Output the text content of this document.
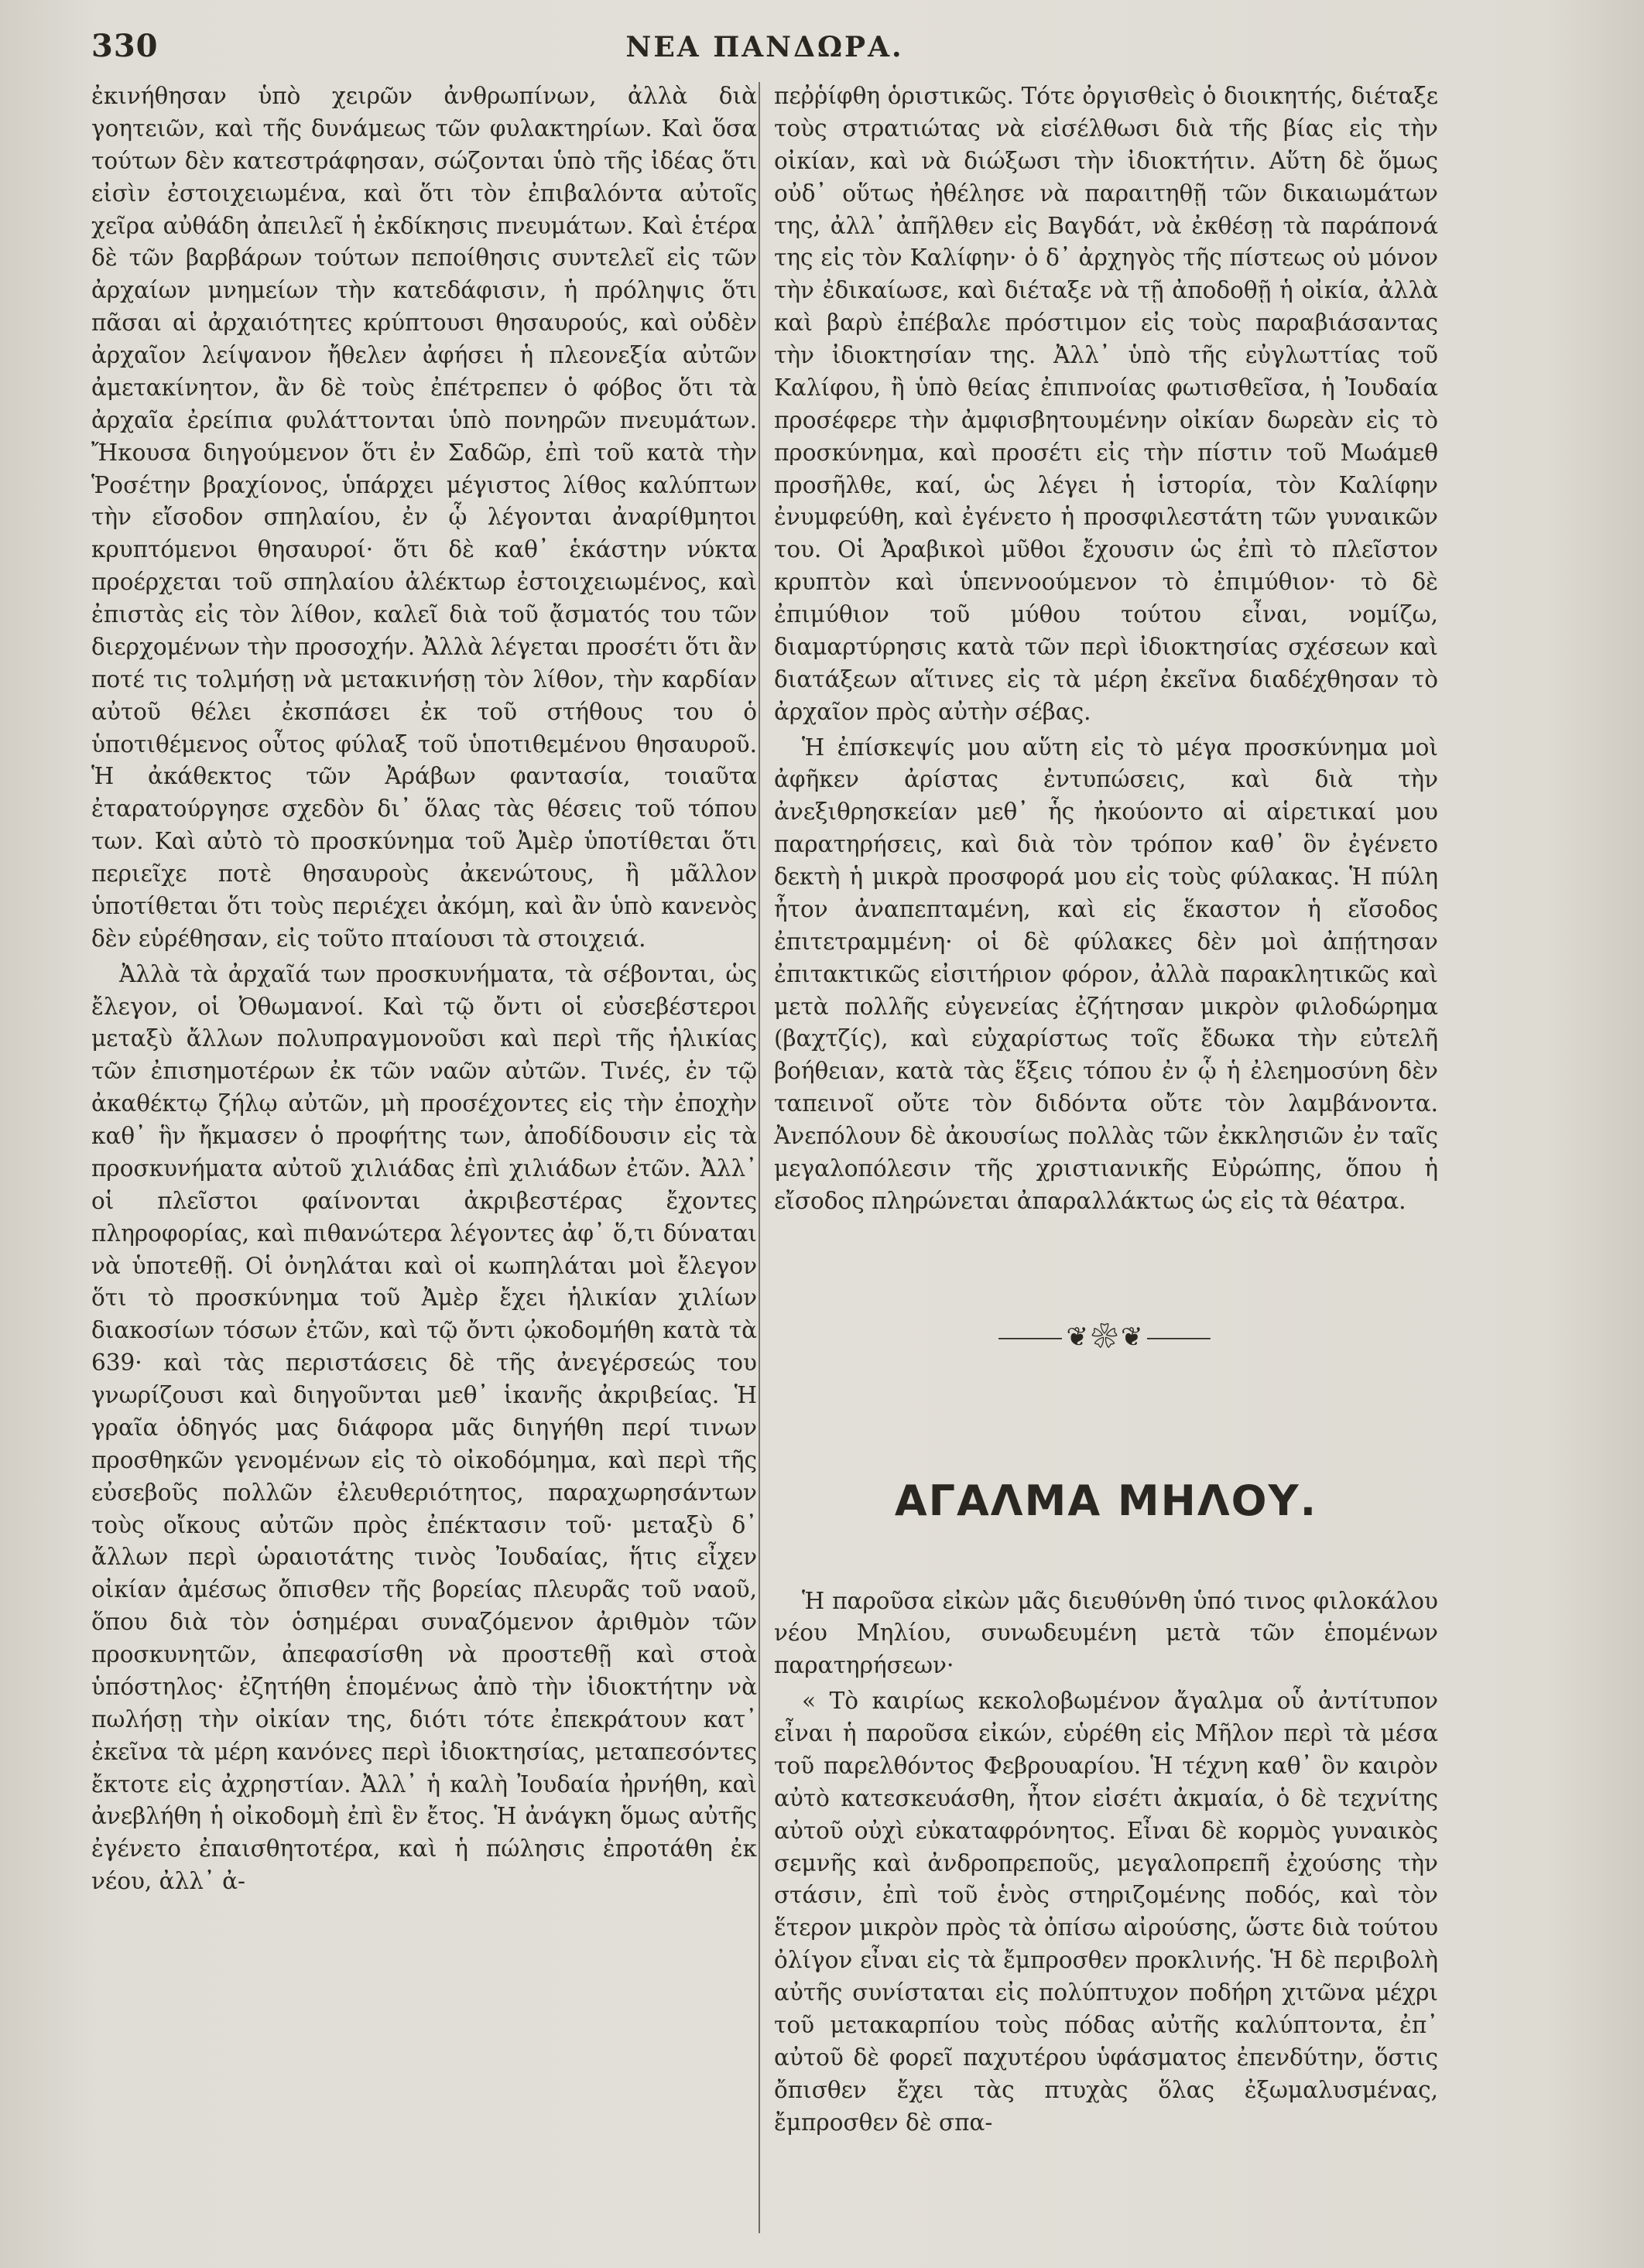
330	ΝΕΑ ΠΑΝΔΩΡΑ.

ἐκινήθησαν ὑπὸ χειρῶν ἀνθρωπίνων, ἀλλὰ διὰ γοητειῶν, καὶ τῆς δυνάμεως τῶν φυλακτηρίων. Καὶ ὅσα τούτων δὲν κατεστράφησαν, σώζονται ὑπὸ τῆς ἰδέας ὅτι εἰσὶν ἐστοιχειωμένα, καὶ ὅτι τὸν ἐπιβαλόντα αὐτοῖς χεῖρα αὐθάδη ἀπειλεῖ ἡ ἐκδίκησις πνευμάτων. Καὶ ἑτέρα δὲ τῶν βαρβάρων τούτων πεποίθησις συντελεῖ εἰς τῶν ἀρχαίων μνημείων τὴν κατεδάφισιν, ἡ πρόληψις ὅτι πᾶσαι αἱ ἀρχαιότητες κρύπτουσι θησαυρούς, καὶ οὐδὲν ἀρχαῖον λείψανον ἤθελεν ἀφήσει ἡ πλεονεξία αὐτῶν ἀμετακίνητον, ἂν δὲ τοὺς ἐπέτρεπεν ὁ φόβος ὅτι τὰ ἀρχαῖα ἐρείπια φυλάττονται ὑπὸ πονηρῶν πνευμάτων. Ἤκουσα διηγούμενον ὅτι ἐν Σαδῶρ, ἐπὶ τοῦ κατὰ τὴν Ῥοσέτην βραχίονος, ὑπάρχει μέγιστος λίθος καλύπτων τὴν εἴσοδον σπηλαίου, ἐν ᾧ λέγονται ἀναρίθμητοι κρυπτόμενοι θησαυροί· ὅτι δὲ καθ᾽ ἑκάστην νύκτα προέρχεται τοῦ σπηλαίου ἀλέκτωρ ἐστοιχειωμένος, καὶ ἐπιστὰς εἰς τὸν λίθον, καλεῖ διὰ τοῦ ᾄσματός του τῶν διερχομένων τὴν προσοχήν. Ἀλλὰ λέγεται προσέτι ὅτι ἂν ποτέ τις τολμήσῃ νὰ μετακινήσῃ τὸν λίθον, τὴν καρδίαν αὐτοῦ θέλει ἐκσπάσει ἐκ τοῦ στήθους του ὁ ὑποτιθέμενος οὗτος φύλαξ τοῦ ὑποτιθεμένου θησαυροῦ. Ἡ ἀκάθεκτος τῶν Ἀράβων φαντασία, τοιαῦτα ἐταρατούργησε σχεδὸν δι᾽ ὅλας τὰς θέσεις τοῦ τόπου των. Καὶ αὐτὸ τὸ προσκύνημα τοῦ Ἀμὲρ ὑποτίθεται ὅτι περιεῖχε ποτὲ θησαυροὺς ἀκενώτους, ἢ μᾶλλον ὑποτίθεται ὅτι τοὺς περιέχει ἀκόμη, καὶ ἂν ὑπὸ κανενὸς δὲν εὑρέθησαν, εἰς τοῦτο πταίουσι τὰ στοιχειά.

Ἀλλὰ τὰ ἀρχαῖά των προσκυνήματα, τὰ σέβονται, ὡς ἔλεγον, οἱ Ὀθωμανοί. Καὶ τῷ ὄντι οἱ εὐσεβέστεροι μεταξὺ ἄλλων πολυπραγμονοῦσι καὶ περὶ τῆς ἡλικίας τῶν ἐπισημοτέρων ἐκ τῶν ναῶν αὐτῶν. Τινές, ἐν τῷ ἀκαθέκτῳ ζήλῳ αὐτῶν, μὴ προσέχοντες εἰς τὴν ἐποχὴν καθ᾽ ἣν ἤκμασεν ὁ προφήτης των, ἀποδίδουσιν εἰς τὰ προσκυνήματα αὐτοῦ χιλιάδας ἐπὶ χιλιάδων ἐτῶν. Ἀλλ᾽ οἱ πλεῖστοι φαίνονται ἀκριβεστέρας ἔχοντες πληροφορίας, καὶ πιθανώτερα λέγοντες ἀφ᾽ ὅ,τι δύναται νὰ ὑποτεθῇ. Οἱ ὀνηλάται καὶ οἱ κωπηλάται μοὶ ἔλεγον ὅτι τὸ προσκύνημα τοῦ Ἀμὲρ ἔχει ἡλικίαν χιλίων διακοσίων τόσων ἐτῶν, καὶ τῷ ὄντι ᾠκοδομήθη κατὰ τὰ 639· καὶ τὰς περιστάσεις δὲ τῆς ἀνεγέρσεώς του γνωρίζουσι καὶ διηγοῦνται μεθ᾽ ἱκανῆς ἀκριβείας. Ἡ γραῖα ὁδηγός μας διάφορα μᾶς διηγήθη περί τινων προσθηκῶν γενομένων εἰς τὸ οἰκοδόμημα, καὶ περὶ τῆς εὐσεβοῦς πολλῶν ἐλευθεριότητος, παραχωρησάντων τοὺς οἴκους αὐτῶν πρὸς ἐπέκτασιν τοῦ· μεταξὺ δ᾽ ἄλλων περὶ ὡραιοτάτης τινὸς Ἰουδαίας, ἥτις εἶχεν οἰκίαν ἀμέσως ὄπισθεν τῆς βορείας πλευρᾶς τοῦ ναοῦ, ὅπου διὰ τὸν ὁσημέραι συναζόμενον ἀριθμὸν τῶν προσκυνητῶν, ἀπεφασίσθη νὰ προστεθῇ καὶ στοὰ ὑπόστηλος· ἐζητήθη ἑπομένως ἀπὸ τὴν ἰδιοκτήτην νὰ πωλήσῃ τὴν οἰκίαν της, διότι τότε ἐπεκράτουν κατ᾽ ἐκεῖνα τὰ μέρη κανόνες περὶ ἰδιοκτησίας, μεταπεσόντες ἔκτοτε εἰς ἀχρηστίαν. Ἀλλ᾽ ἡ καλὴ Ἰουδαία ἠρνήθη, καὶ ἀνεβλήθη ἡ οἰκοδομὴ ἐπὶ ἓν ἔτος. Ἡ ἀνάγκη ὅμως αὐτῆς ἐγένετο ἐπαισθητοτέρα, καὶ ἡ πώλησις ἐπροτάθη ἐκ νέου, ἀλλ᾽ ἀ-

πεῤῥίφθη ὁριστικῶς. Τότε ὀργισθεὶς ὁ διοικητής, διέταξε τοὺς στρατιώτας νὰ εἰσέλθωσι διὰ τῆς βίας εἰς τὴν οἰκίαν, καὶ νὰ διώξωσι τὴν ἰδιοκτήτιν. Αὕτη δὲ ὅμως οὐδ᾽ οὕτως ἠθέλησε νὰ παραιτηθῇ τῶν δικαιωμάτων της, ἀλλ᾽ ἀπῆλθεν εἰς Βαγδάτ, νὰ ἐκθέσῃ τὰ παράπονά της εἰς τὸν Καλίφην· ὁ δ᾽ ἀρχηγὸς τῆς πίστεως οὐ μόνον τὴν ἐδικαίωσε, καὶ διέταξε νὰ τῇ ἀποδοθῇ ἡ οἰκία, ἀλλὰ καὶ βαρὺ ἐπέβαλε πρόστιμον εἰς τοὺς παραβιάσαντας τὴν ἰδιοκτησίαν της. Ἀλλ᾽ ὑπὸ τῆς εὐγλωττίας τοῦ Καλίφου, ἢ ὑπὸ θείας ἐπιπνοίας φωτισθεῖσα, ἡ Ἰουδαία προσέφερε τὴν ἀμφισβητουμένην οἰκίαν δωρεὰν εἰς τὸ προσκύνημα, καὶ προσέτι εἰς τὴν πίστιν τοῦ Μωάμεθ προσῆλθε, καί, ὡς λέγει ἡ ἱστορία, τὸν Καλίφην ἐνυμφεύθη, καὶ ἐγένετο ἡ προσφιλεστάτη τῶν γυναικῶν του. Οἱ Ἀραβικοὶ μῦθοι ἔχουσιν ὡς ἐπὶ τὸ πλεῖστον κρυπτὸν καὶ ὑπεννοούμενον τὸ ἐπιμύθιον· τὸ δὲ ἐπιμύθιον τοῦ μύθου τούτου εἶναι, νομίζω, διαμαρτύρησις κατὰ τῶν περὶ ἰδιοκτησίας σχέσεων καὶ διατάξεων αἵτινες εἰς τὰ μέρη ἐκεῖνα διαδέχθησαν τὸ ἀρχαῖον πρὸς αὐτὴν σέβας.

Ἡ ἐπίσκεψίς μου αὕτη εἰς τὸ μέγα προσκύνημα μοὶ ἀφῆκεν ἀρίστας ἐντυπώσεις, καὶ διὰ τὴν ἀνεξιθρησκείαν μεθ᾽ ἧς ἠκούοντο αἱ αἱρετικαί μου παρατηρήσεις, καὶ διὰ τὸν τρόπον καθ᾽ ὃν ἐγένετο δεκτὴ ἡ μικρὰ προσφορά μου εἰς τοὺς φύλακας. Ἡ πύλη ἦτον ἀναπεπταμένη, καὶ εἰς ἕκαστον ἡ εἴσοδος ἐπιτετραμμένη· οἱ δὲ φύλακες δὲν μοὶ ἀπῄτησαν ἐπιτακτικῶς εἰσιτήριον φόρον, ἀλλὰ παρακλητικῶς καὶ μετὰ πολλῆς εὐγενείας ἐζήτησαν μικρὸν φιλοδώρημα (βαχτζίς), καὶ εὐχαρίστως τοῖς ἔδωκα τὴν εὐτελῆ βοήθειαν, κατὰ τὰς ἕξεις τόπου ἐν ᾧ ἡ ἐλεημοσύνη δὲν ταπεινοῖ οὔτε τὸν διδόντα οὔτε τὸν λαμβάνοντα. Ἀνεπόλουν δὲ ἀκουσίως πολλὰς τῶν ἐκκλησιῶν ἐν ταῖς μεγαλοπόλεσιν τῆς χριστιανικῆς Εὐρώπης, ὅπου ἡ εἴσοδος πληρώνεται ἀπαραλλάκτως ὡς εἰς τὰ θέατρα.

⸻❦❀❦⸻
ΑΓΑΛΜΑ ΜΗΛΟΥ.

Ἡ παροῦσα εἰκὼν μᾶς διευθύνθη ὑπό τινος φιλοκάλου νέου Μηλίου, συνωδευμένη μετὰ τῶν ἑπομένων παρατηρήσεων·

« Τὸ καιρίως κεκολοβωμένον ἄγαλμα οὗ ἀντίτυπον εἶναι ἡ παροῦσα εἰκών, εὑρέθη εἰς Μῆλον περὶ τὰ μέσα τοῦ παρελθόντος Φεβρουαρίου. Ἡ τέχνη καθ᾽ ὃν καιρὸν αὐτὸ κατεσκευάσθη, ἦτον εἰσέτι ἀκμαία, ὁ δὲ τεχνίτης αὐτοῦ οὐχὶ εὐκαταφρόνητος. Εἶναι δὲ κορμὸς γυναικὸς σεμνῆς καὶ ἀνδροπρεποῦς, μεγαλοπρεπῆ ἐχούσης τὴν στάσιν, ἐπὶ τοῦ ἑνὸς στηριζομένης ποδός, καὶ τὸν ἕτερον μικρὸν πρὸς τὰ ὀπίσω αἰρούσης, ὥστε διὰ τούτου ὀλίγον εἶναι εἰς τὰ ἔμπροσθεν προκλινής. Ἡ δὲ περιβολὴ αὐτῆς συνίσταται εἰς πολύπτυχον ποδήρη χιτῶνα μέχρι τοῦ μετακαρπίου τοὺς πόδας αὐτῆς καλύπτοντα, ἐπ᾽ αὐτοῦ δὲ φορεῖ παχυτέρου ὑφάσματος ἐπενδύτην, ὅστις ὄπισθεν ἔχει τὰς πτυχὰς ὅλας ἐξωμαλυσμένας, ἔμπροσθεν δὲ σπα-
